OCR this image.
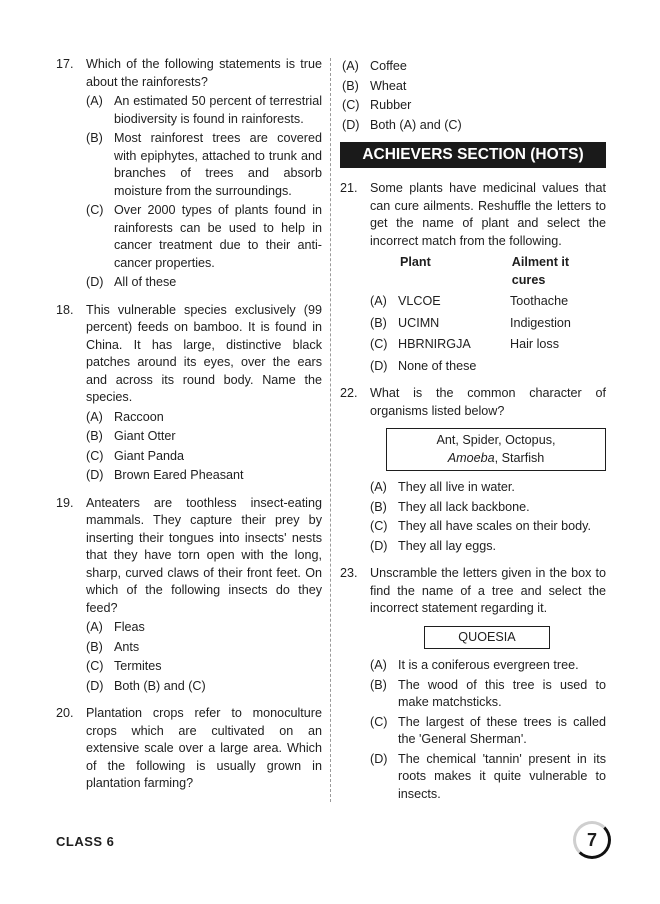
17. Which of the following statements is true about the rainforests?
(A) An estimated 50 percent of terrestrial biodiversity is found in rainforests.
(B) Most rainforest trees are covered with epiphytes, attached to trunk and branches of trees and absorb moisture from the surroundings.
(C) Over 2000 types of plants found in rainforests can be used to help in cancer treatment due to their anti-cancer properties.
(D) All of these
18. This vulnerable species exclusively (99 percent) feeds on bamboo. It is found in China. It has large, distinctive black patches around its eyes, over the ears and across its round body. Name the species.
(A) Raccoon
(B) Giant Otter
(C) Giant Panda
(D) Brown Eared Pheasant
19. Anteaters are toothless insect-eating mammals. They capture their prey by inserting their tongues into insects' nests that they have torn open with the long, sharp, curved claws of their front feet. On which of the following insects do they feed?
(A) Fleas
(B) Ants
(C) Termites
(D) Both (B) and (C)
20. Plantation crops refer to monoculture crops which are cultivated on an extensive scale over a large area. Which of the following is usually grown in plantation farming?
(A) Coffee
(B) Wheat
(C) Rubber
(D) Both (A) and (C)
ACHIEVERS SECTION (HOTS)
21. Some plants have medicinal values that can cure ailments. Reshuffle the letters to get the name of plant and select the incorrect match from the following.
Plant	Ailment it cures
(A) VLCOE	Toothache
(B) UCIMN	Indigestion
(C) HBRNIRGJA	Hair loss
(D) None of these
22. What is the common character of organisms listed below?
Ant, Spider, Octopus,
Amoeba, Starfish
(A) They all live in water.
(B) They all lack backbone.
(C) They all have scales on their body.
(D) They all lay eggs.
23. Unscramble the letters given in the box to find the name of a tree and select the incorrect statement regarding it.
QUOESIA
(A) It is a coniferous evergreen tree.
(B) The wood of this tree is used to make matchsticks.
(C) The largest of these trees is called the 'General Sherman'.
(D) The chemical 'tannin' present in its roots makes it quite vulnerable to insects.
CLASS 6	7
